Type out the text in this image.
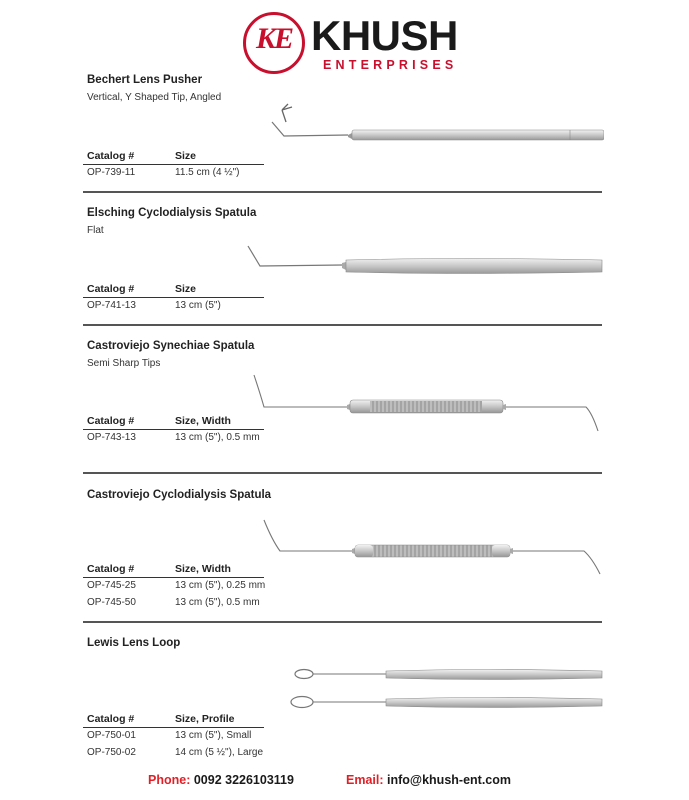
KE KHUSH
ENTERPRISES
Bechert Lens Pusher
Vertical, Y Shaped Tip, Angled
Catalog #	Size
OP-739-11	11.5 cm (4 ½")
Elsching Cyclodialysis Spatula
Flat
Catalog #	Size
OP-741-13	13 cm (5")
Castroviejo Synechiae Spatula
Semi Sharp Tips
Catalog #	Size, Width
OP-743-13	13 cm (5"), 0.5 mm
Castroviejo Cyclodialysis Spatula
Catalog #	Size, Width
OP-745-25	13 cm (5"), 0.25 mm
OP-745-50	13 cm (5"), 0.5 mm
Lewis Lens Loop
Catalog #	Size, Profile
OP-750-01	13 cm (5"), Small
OP-750-02	14 cm (5 ½"), Large
Phone: 0092 3226103119	Email: info@khush-ent.com
